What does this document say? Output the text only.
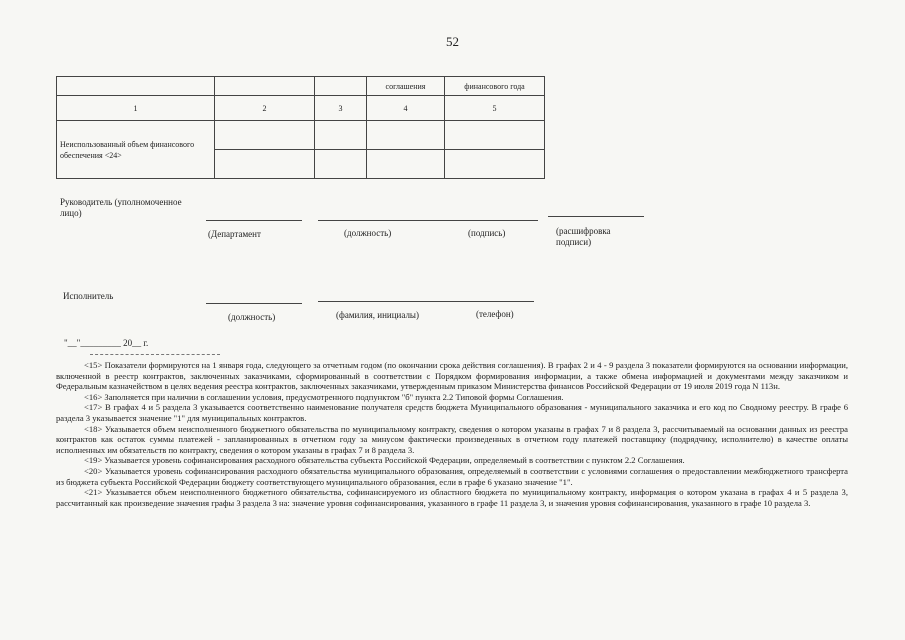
52
			соглашения	финансового года
1	2	3	4	5
Неиспользованный объем финансового обеспечения <24>				

Руководитель (уполномоченное лицо)
(Департамент	(должность)	(подпись)	(расшифровка подписи)
Исполнитель
(должность)	(фамилия, инициалы)	(телефон)
"__"_________ 20__ г.

<15> Показатели формируются на 1 января года, следующего за отчетным годом (по окончании срока действия соглашения). В графах 2 и 4 - 9 раздела 3 показатели формируются на основании информации, включенной в реестр контрактов, заключенных заказчиками, сформированный в соответствии с Порядком формирования информации, а также обмена информацией и документами между заказчиком и Федеральным казначейством в целях ведения реестра контрактов, заключенных заказчиками, утвержденным приказом Министерства финансов Российской Федерации от 19 июля 2019 года N 113н.

<16> Заполняется при наличии в соглашении условия, предусмотренного подпунктом "б" пункта 2.2 Типовой формы Соглашения.

<17> В графах 4 и 5 раздела 3 указывается соответственно наименование получателя средств бюджета Муниципального образования - муниципального заказчика и его код по Сводному реестру. В графе 6 раздела 3 указывается значение "1" для муниципальных контрактов.

<18> Указывается объем неисполненного бюджетного обязательства по муниципальному контракту, сведения о котором указаны в графах 7 и 8 раздела 3, рассчитываемый на основании данных из реестра контрактов как остаток суммы платежей - запланированных в отчетном году за минусом фактически произведенных в отчетном году платежей поставщику (подрядчику, исполнителю) в качестве оплаты исполненных им обязательств по контракту, сведения о котором указаны в графах 7 и 8 раздела 3.

<19> Указывается уровень софинансирования расходного обязательства субъекта Российской Федерации, определяемый в соответствии с пунктом 2.2 Соглашения.

<20> Указывается уровень софинансирования расходного обязательства муниципального образования, определяемый в соответствии с условиями соглашения о предоставлении межбюджетного трансферта из бюджета субъекта Российской Федерации бюджету соответствующего муниципального образования, если в графе 6 указано значение "1".

<21> Указывается объем неисполненного бюджетного обязательства, софинансируемого из областного бюджета по муниципальному контракту, информация о котором указана в графах 4 и 5 раздела 3, рассчитанный как произведение значения графы 3 раздела 3 на: значение уровня софинансирования, указанного в графе 11 раздела 3, и значения уровня софинансирования, указанного в графе 10 раздела 3.
